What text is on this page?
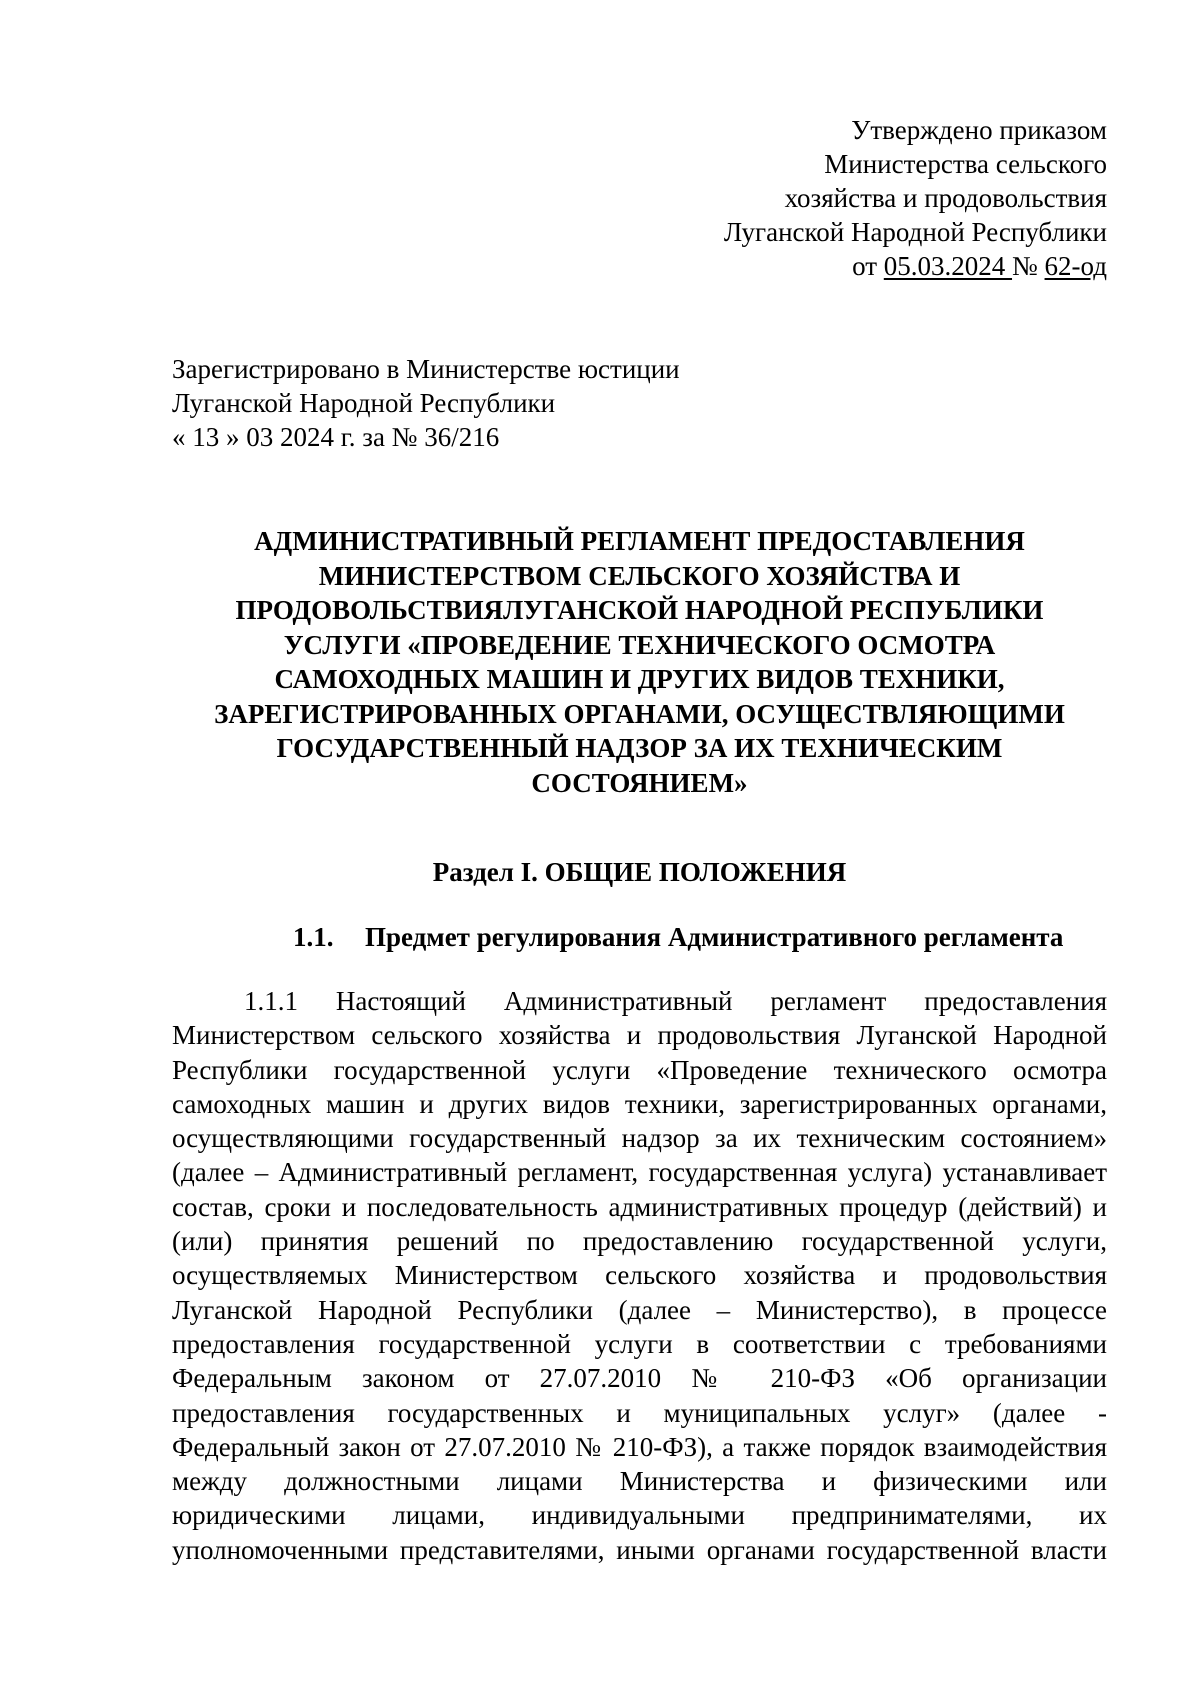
Утверждено приказом
Министерства сельского
хозяйства и продовольствия
Луганской Народной Республики
от 05.03.2024 № 62-од
Зарегистрировано в Министерстве юстиции
Луганской Народной Республики
« 13 » 03 2024 г. за № 36/216
АДМИНИСТРАТИВНЫЙ РЕГЛАМЕНТ ПРЕДОСТАВЛЕНИЯ
МИНИСТЕРСТВОМ СЕЛЬСКОГО ХОЗЯЙСТВА И
ПРОДОВОЛЬСТВИЯЛУГАНСКОЙ НАРОДНОЙ РЕСПУБЛИКИ
УСЛУГИ «ПРОВЕДЕНИЕ ТЕХНИЧЕСКОГО ОСМОТРА
САМОХОДНЫХ МАШИН И ДРУГИХ ВИДОВ ТЕХНИКИ,
ЗАРЕГИСТРИРОВАННЫХ ОРГАНАМИ, ОСУЩЕСТВЛЯЮЩИМИ
ГОСУДАРСТВЕННЫЙ НАДЗОР ЗА ИХ ТЕХНИЧЕСКИМ
СОСТОЯНИЕМ»
Раздел I. ОБЩИЕ ПОЛОЖЕНИЯ
1.1. Предмет регулирования Административного регламента
1.1.1 Настоящий Административный регламент предоставления
Министерством сельского хозяйства и продовольствия Луганской Народной
Республики государственной услуги «Проведение технического осмотра
самоходных машин и других видов техники, зарегистрированных органами,
осуществляющими государственный надзор за их техническим состоянием»
(далее – Административный регламент, государственная услуга) устанавливает
состав, сроки и последовательность административных процедур (действий) и
(или) принятия решений по предоставлению государственной услуги,
осуществляемых Министерством сельского хозяйства и продовольствия
Луганской Народной Республики (далее – Министерство), в процессе
предоставления государственной услуги в соответствии с требованиями
Федеральным законом от 27.07.2010 № 210-ФЗ «Об организации
предоставления государственных и муниципальных услуг» (далее -
Федеральный закон от 27.07.2010 № 210-ФЗ), а также порядок взаимодействия
между должностными лицами Министерства и физическими или
юридическими лицами, индивидуальными предпринимателями, их
уполномоченными представителями, иными органами государственной власти
